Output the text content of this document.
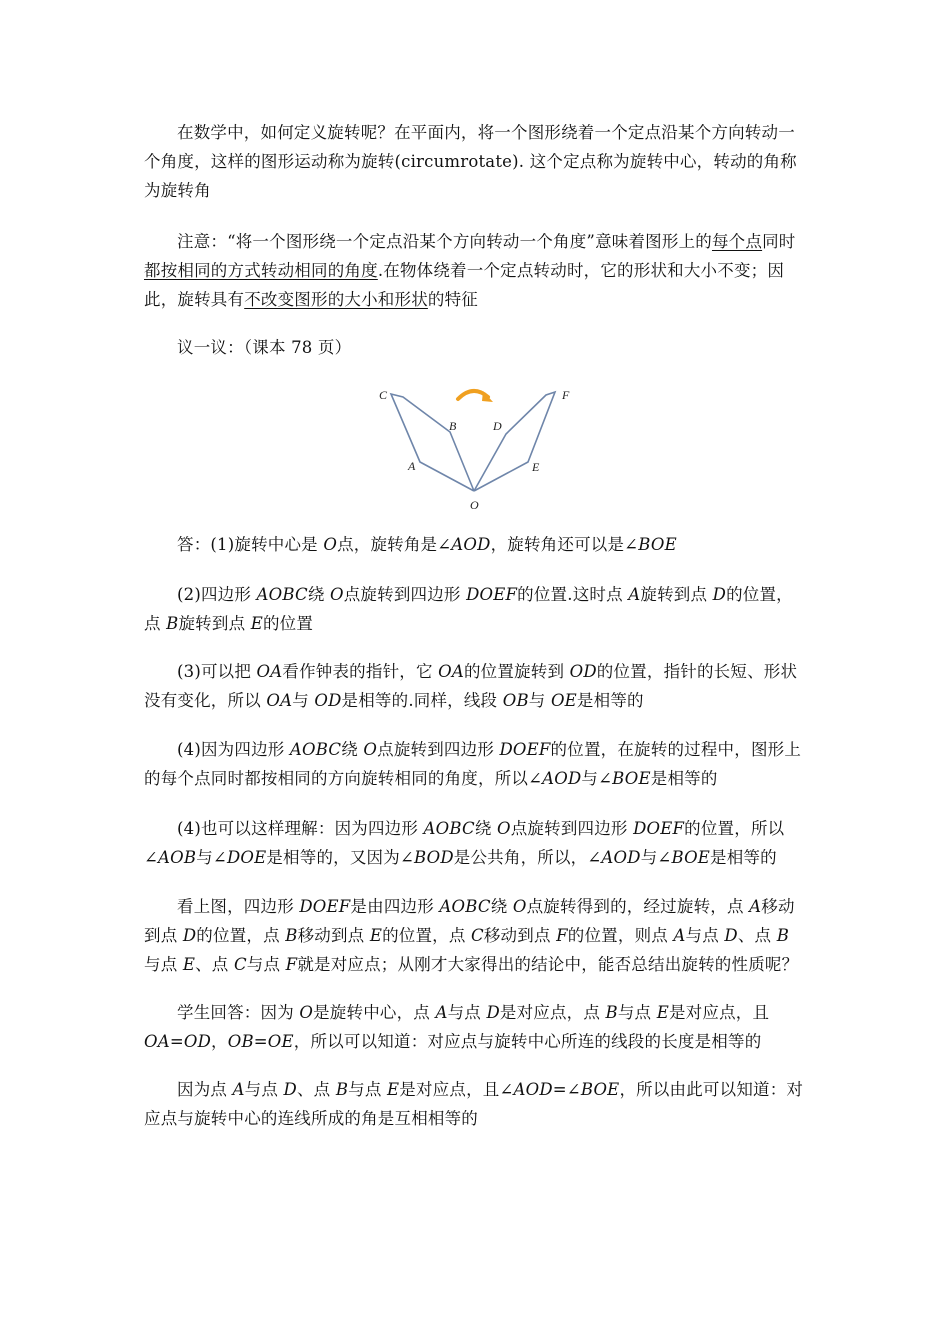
在数学中，如何定义旋转呢？在平面内，将一个图形绕着一个定点沿某个方向转动一个角度，这样的图形运动称为旋转(circumrotate). 这个定点称为旋转中心，转动的角称为旋转角

注意：“将一个图形绕一个定点沿某个方向转动一个角度”意味着图形上的每个点同时都按相同的方式转动相同的角度.在物体绕着一个定点转动时，它的形状和大小不变；因此，旋转具有不改变图形的大小和形状的特征

议一议：（课本 78 页）

C
B
A
O
D
F
E

答：(1)旋转中心是 O点，旋转角是∠AOD，旋转角还可以是∠BOE

(2)四边形 AOBC绕 O点旋转到四边形 DOEF的位置.这时点 A旋转到点 D的位置，点 B旋转到点 E的位置

(3)可以把 OA看作钟表的指针，它 OA的位置旋转到 OD的位置，指针的长短、形状没有变化，所以 OA与 OD是相等的.同样，线段 OB与 OE是相等的

(4)因为四边形 AOBC绕 O点旋转到四边形 DOEF的位置，在旋转的过程中，图形上的每个点同时都按相同的方向旋转相同的角度，所以∠AOD与∠BOE是相等的

(4)也可以这样理解：因为四边形 AOBC绕 O点旋转到四边形 DOEF的位置，所以∠AOB与∠DOE是相等的，又因为∠BOD是公共角，所以，∠AOD与∠BOE是相等的

看上图，四边形 DOEF是由四边形 AOBC绕 O点旋转得到的，经过旋转，点 A移动到点 D的位置，点 B移动到点 E的位置，点 C移动到点 F的位置，则点 A与点 D、点 B与点 E、点 C与点 F就是对应点；从刚才大家得出的结论中，能否总结出旋转的性质呢？

学生回答：因为 O是旋转中心，点 A与点 D是对应点，点 B与点 E是对应点，且 OA=OD，OB=OE，所以可以知道：对应点与旋转中心所连的线段的长度是相等的

因为点 A与点 D、点 B与点 E是对应点，且∠AOD=∠BOE，所以由此可以知道：对应点与旋转中心的连线所成的角是互相相等的
